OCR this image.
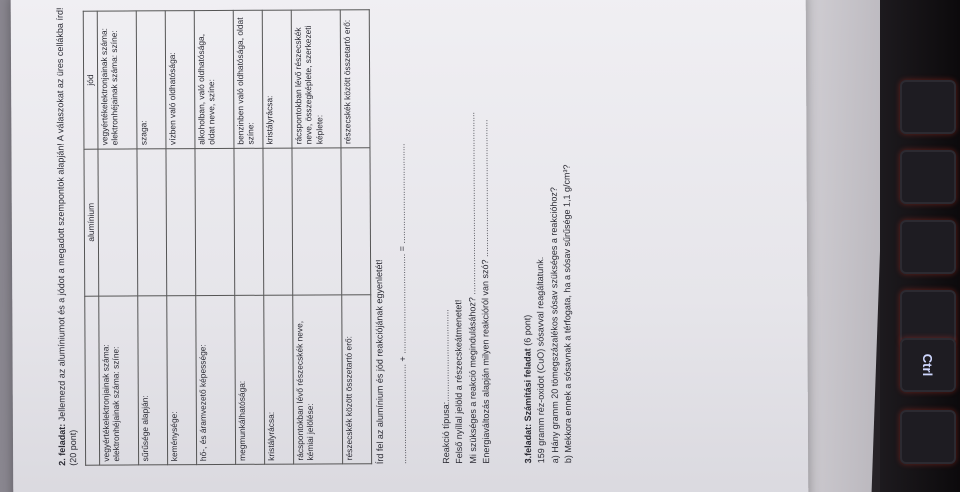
2. feladat: Jellemezd az alumíniumot és a jódot a megadott szempontok alapján! A válaszokat az üres cellákba írd! (20 pont)
	alumínium	jód
vegyértékelektronjainak száma: elektronhéjainak száma: színe:		vegyértékelektronjainak száma: elektronhéjainak száma: színe:
sűrűsége alapján:		szaga:
keménysége:		vízben való oldhatósága:
hő-, és áramvezető képessége:		alkoholban, való oldhatósága, oldat neve, színe:
megmunkálhatósága:		benzinben való oldhatósága, oldat színe:
kristályrácsa:		kristályrácsa:
rácspontokban lévő részecskék neve, kémiai jelölése:		rácspontokban lévő részecskék neve, összegképlete, szerkezeti képlete:
részecskék között összetartó erő:		részecskék között összetartó erő:
Írd fel az alumínium és jód reakciójának egyenletét! ........................................ + ........................................ = ........................................	Reakció típusa:..................................... Felső nyíllal jelöld a részecskeátmenetet! Mi szükséges a reakció megindulásához? ......................................................................... Energiaváltozás alapján milyen reakcióról van szó? .......................................................	3.feladat: Számítási feladat (6 pont) 159 gramm réz-oxidot (CuO) sósavval reagáltatunk. a) Hány gramm 20 tömegszázalékos sósav szükséges a reakcióhoz? b) Mekkora ennek a sósavnak a térfogata, ha a sósav sűrűsége 1,1 g/cm³?	Ctrl
